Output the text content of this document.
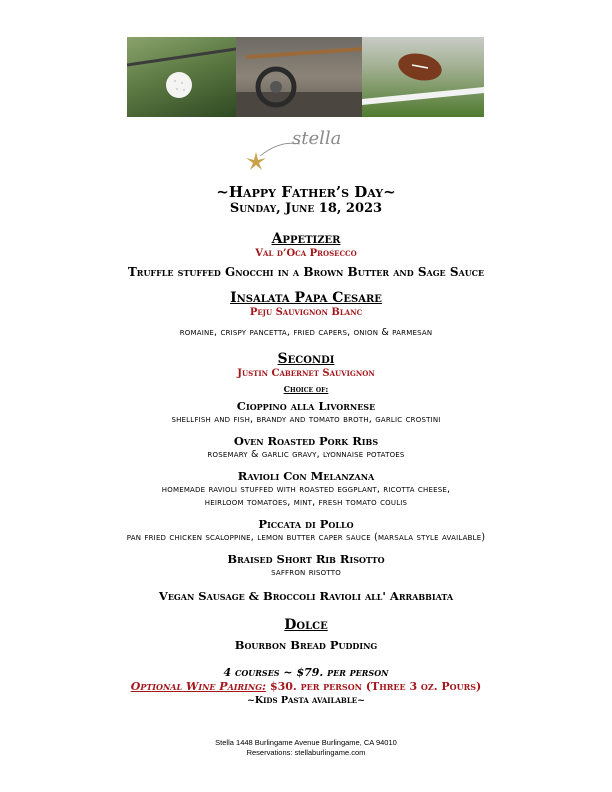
stella
~Happy Father’s Day~
Sunday, June 18, 2023
Appetizer
Val d’Oca Prosecco
Truffle stuffed Gnocchi in a Brown Butter and Sage Sauce
Insalata Papa Cesare
Peju Sauvignon Blanc
romaine, crispy pancetta, fried capers, onion & parmesan
Secondi
Justin Cabernet Sauvignon
Choice of:
Cioppino alla Livornese
shellfish and fish, brandy and tomato broth, garlic crostini
Oven Roasted Pork Ribs
rosemary & garlic gravy, lyonnaise potatoes
Ravioli Con Melanzana
homemade ravioli stuffed with roasted eggplant, ricotta cheese,
heirloom tomatoes, mint, fresh tomato coulis
Piccata di Pollo
pan fried chicken scaloppine, lemon butter caper sauce (marsala style available)
Braised Short Rib Risotto
saffron risotto
Vegan Sausage & Broccoli Ravioli all' Arrabbiata
Dolce
Bourbon Bread Pudding
4 courses ~ $79. per person
Optional Wine Pairing: $30. per person (Three 3 oz. Pours)
~Kids Pasta available~
Stella 1448 Burlingame Avenue Burlingame, CA 94010
Reservations: stellaburlingame.com
